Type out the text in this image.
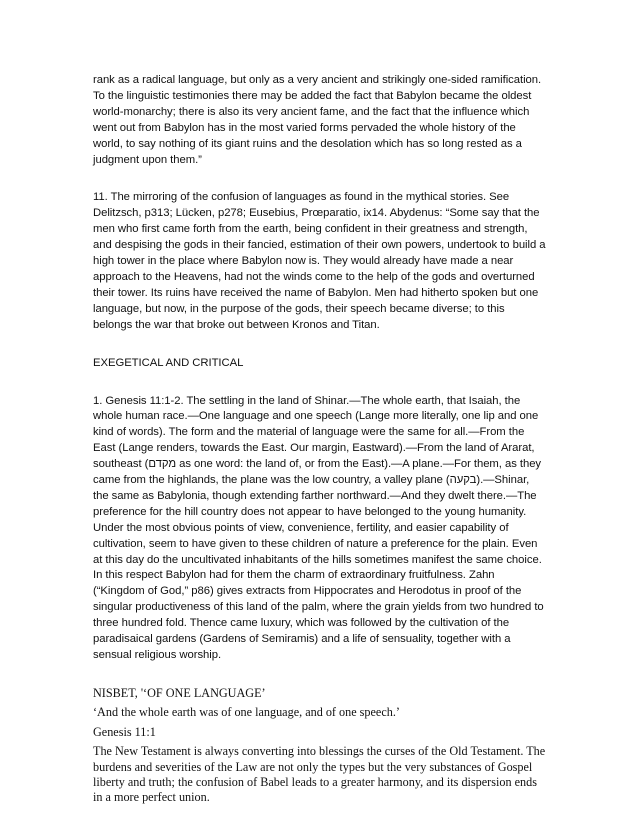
rank as a radical language, but only as a very ancient and strikingly one-sided ramification. To the linguistic testimonies there may be added the fact that Babylon became the oldest world-monarchy; there is also its very ancient fame, and the fact that the influence which went out from Babylon has in the most varied forms pervaded the whole history of the world, to say nothing of its giant ruins and the desolation which has so long rested as a judgment upon them.”

11. The mirroring of the confusion of languages as found in the mythical stories. See Delitzsch, p313; Lücken, p278; Eusebius, Prœparatio, ix14. Abydenus: “Some say that the men who first came forth from the earth, being confident in their greatness and strength, and despising the gods in their fancied, estimation of their own powers, undertook to build a high tower in the place where Babylon now is. They would already have made a near approach to the Heavens, had not the winds come to the help of the gods and overturned their tower. Its ruins have received the name of Babylon. Men had hitherto spoken but one language, but now, in the purpose of the gods, their speech became diverse; to this belongs the war that broke out between Kronos and Titan.

EXEGETICAL AND CRITICAL

1. Genesis 11:1-2. The settling in the land of Shinar.—The whole earth, that Isaiah, the whole human race.—One language and one speech (Lange more literally, one lip and one kind of words). The form and the material of language were the same for all.—From the East (Lange renders, towards the East. Our margin, Eastward).—From the land of Ararat, southeast (מקדם as one word: the land of, or from the East).—A plane.—For them, as they came from the highlands, the plane was the low country, a valley plane (בקעה).—Shinar, the same as Babylonia, though extending farther northward.—And they dwelt there.—The preference for the hill country does not appear to have belonged to the young humanity. Under the most obvious points of view, convenience, fertility, and easier capability of cultivation, seem to have given to these children of nature a preference for the plain. Even at this day do the uncultivated inhabitants of the hills sometimes manifest the same choice. In this respect Babylon had for them the charm of extraordinary fruitfulness. Zahn (“Kingdom of God,” p86) gives extracts from Hippocrates and Herodotus in proof of the singular productiveness of this land of the palm, where the grain yields from two hundred to three hundred fold. Thence came luxury, which was followed by the cultivation of the paradisaical gardens (Gardens of Semiramis) and a life of sensuality, together with a sensual religious worship.

NISBET, '‘OF ONE LANGUAGE’

‘And the whole earth was of one language, and of one speech.’

Genesis 11:1

The New Testament is always converting into blessings the curses of the Old Testament. The burdens and severities of the Law are not only the types but the very substances of Gospel liberty and truth; the confusion of Babel leads to a greater harmony, and its dispersion ends in a more perfect union.
